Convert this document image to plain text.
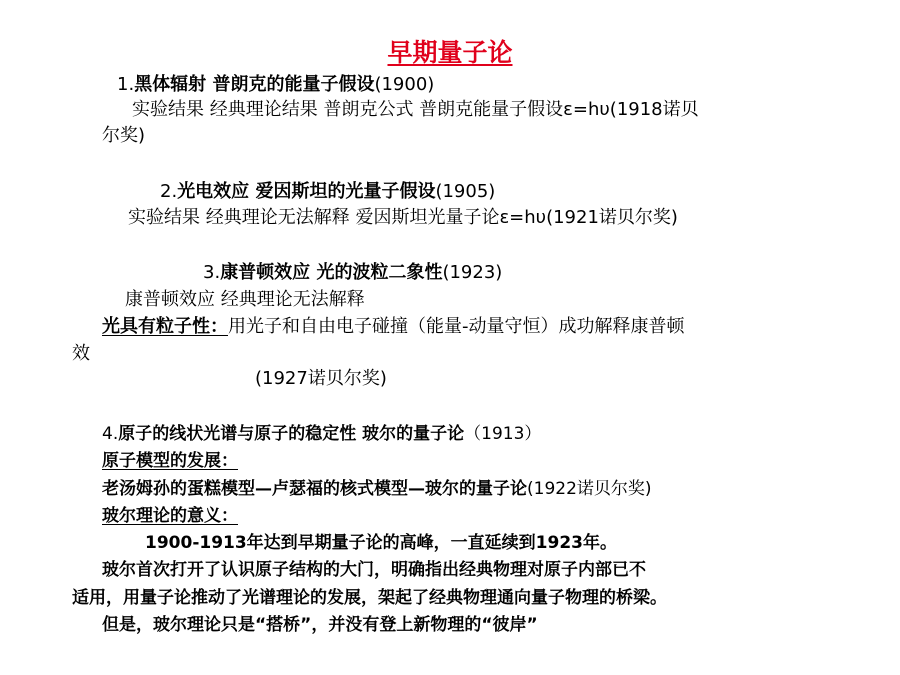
早期量子论
1.黑体辐射 普朗克的能量子假设(1900)
实验结果 经典理论结果 普朗克公式 普朗克能量子假设ε=hυ(1918诺贝
尔奖)
2.光电效应 爱因斯坦的光量子假设(1905)
实验结果 经典理论无法解释 爱因斯坦光量子论ε=hυ(1921诺贝尔奖)
3.康普顿效应 光的波粒二象性(1923)
康普顿效应 经典理论无法解释
光具有粒子性：用光子和自由电子碰撞（能量-动量守恒）成功解释康普顿
效
(1927诺贝尔奖)
4.原子的线状光谱与原子的稳定性 玻尔的量子论（1913）
原子模型的发展：
老汤姆孙的蛋糕模型—卢瑟福的核式模型—玻尔的量子论(1922诺贝尔奖)
玻尔理论的意义：
1900-1913年达到早期量子论的高峰，一直延续到1923年。
玻尔首次打开了认识原子结构的大门，明确指出经典物理对原子内部已不
适用，用量子论推动了光谱理论的发展，架起了经典物理通向量子物理的桥梁。
但是，玻尔理论只是“搭桥”，并没有登上新物理的“彼岸”
